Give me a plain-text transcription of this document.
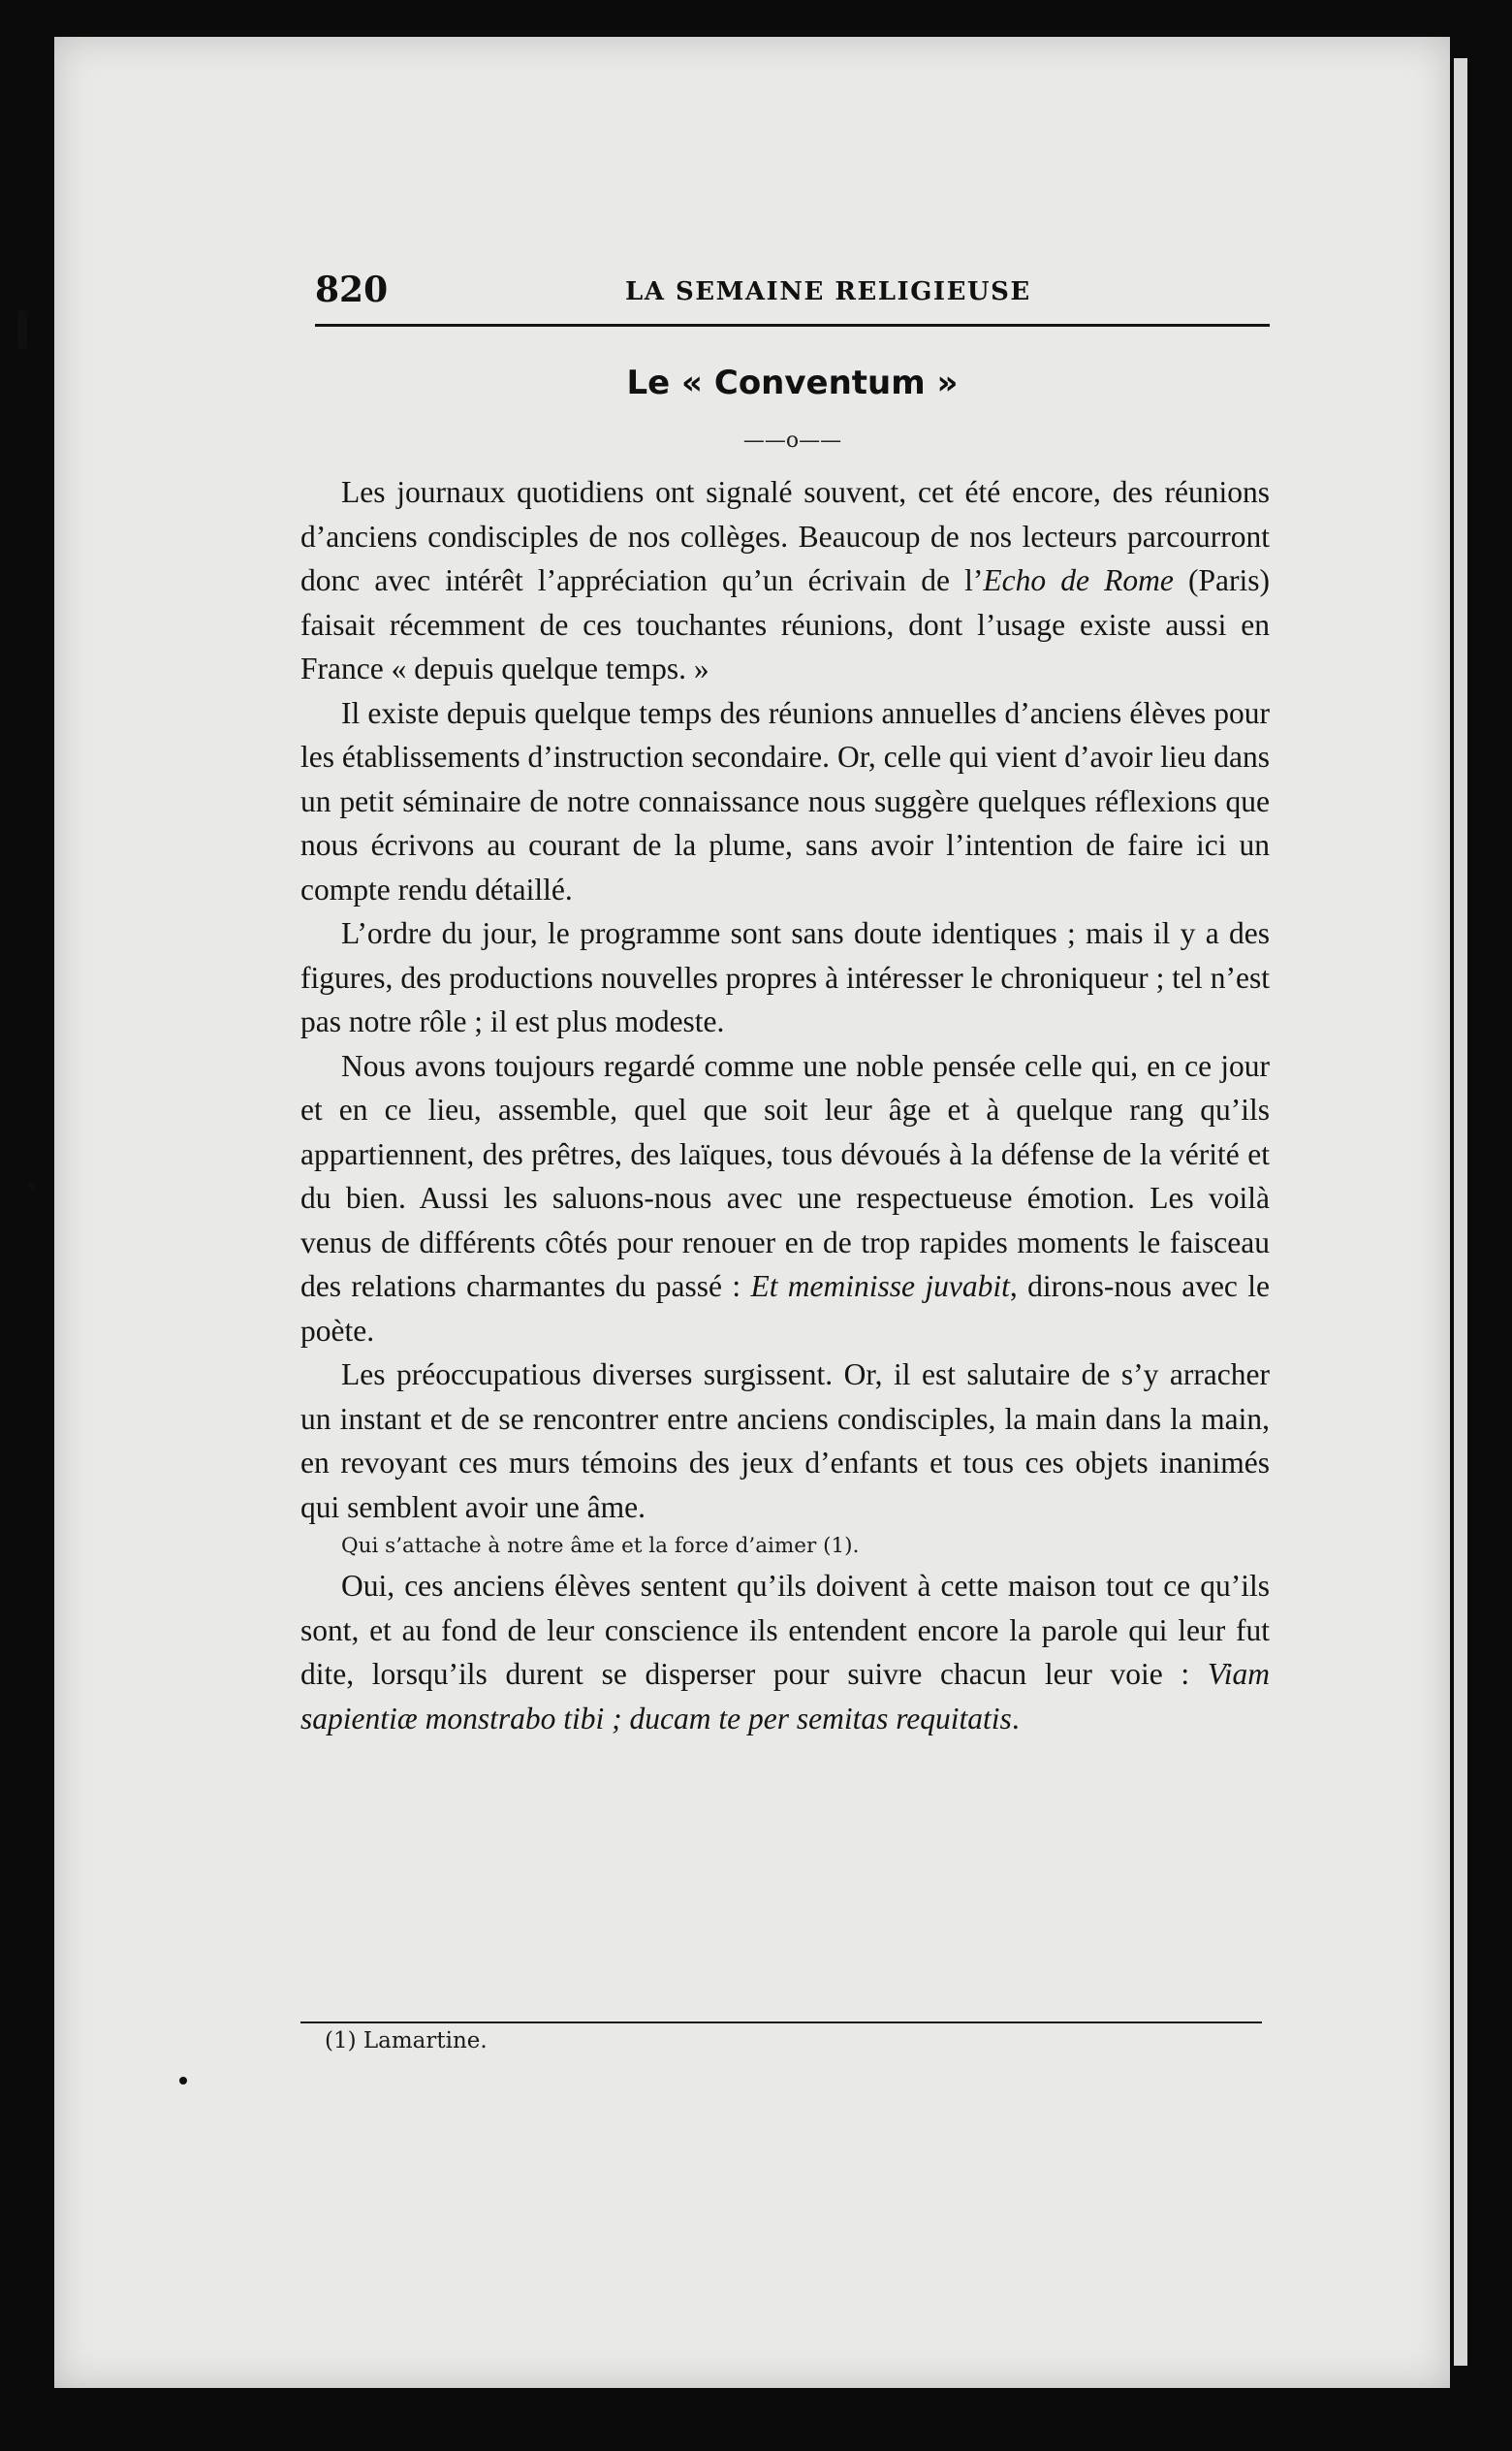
820	LA SEMAINE RELIGIEUSE
Le « Conventum »
——o——

Les journaux quotidiens ont signalé souvent, cet été encore, des réunions d’anciens condisciples de nos collèges. Beaucoup de nos lecteurs parcourront donc avec intérêt l’appréciation qu’un écrivain de l’Echo de Rome (Paris) faisait récemment de ces touchantes réunions, dont l’usage existe aussi en France « depuis quelque temps. »

Il existe depuis quelque temps des réunions annuelles d’anciens élèves pour les établissements d’instruction secondaire. Or, celle qui vient d’avoir lieu dans un petit séminaire de notre connaissance nous suggère quelques réflexions que nous écrivons au courant de la plume, sans avoir l’intention de faire ici un compte rendu détaillé.

L’ordre du jour, le programme sont sans doute identiques ; mais il y a des figures, des productions nouvelles propres à intéresser le chroniqueur ; tel n’est pas notre rôle ; il est plus modeste.

Nous avons toujours regardé comme une noble pensée celle qui, en ce jour et en ce lieu, assemble, quel que soit leur âge et à quelque rang qu’ils appartiennent, des prêtres, des laïques, tous dévoués à la défense de la vérité et du bien. Aussi les saluons-nous avec une respectueuse émotion. Les voilà venus de différents côtés pour renouer en de trop rapides moments le faisceau des relations charmantes du passé : Et meminisse juvabit, dirons-nous avec le poète.

Les préoccupatious diverses surgissent. Or, il est salutaire de s’y arracher un instant et de se rencontrer entre anciens condisciples, la main dans la main, en revoyant ces murs témoins des jeux d’enfants et tous ces objets inanimés qui semblent avoir une âme.

Qui s’attache à notre âme et la force d’aimer (1).

Oui, ces anciens élèves sentent qu’ils doivent à cette maison tout ce qu’ils sont, et au fond de leur conscience ils entendent encore la parole qui leur fut dite, lorsqu’ils durent se disperser pour suivre chacun leur voie : Viam sapientiæ monstrabo tibi ; ducam te per semitas requitatis.

(1) Lamartine.
